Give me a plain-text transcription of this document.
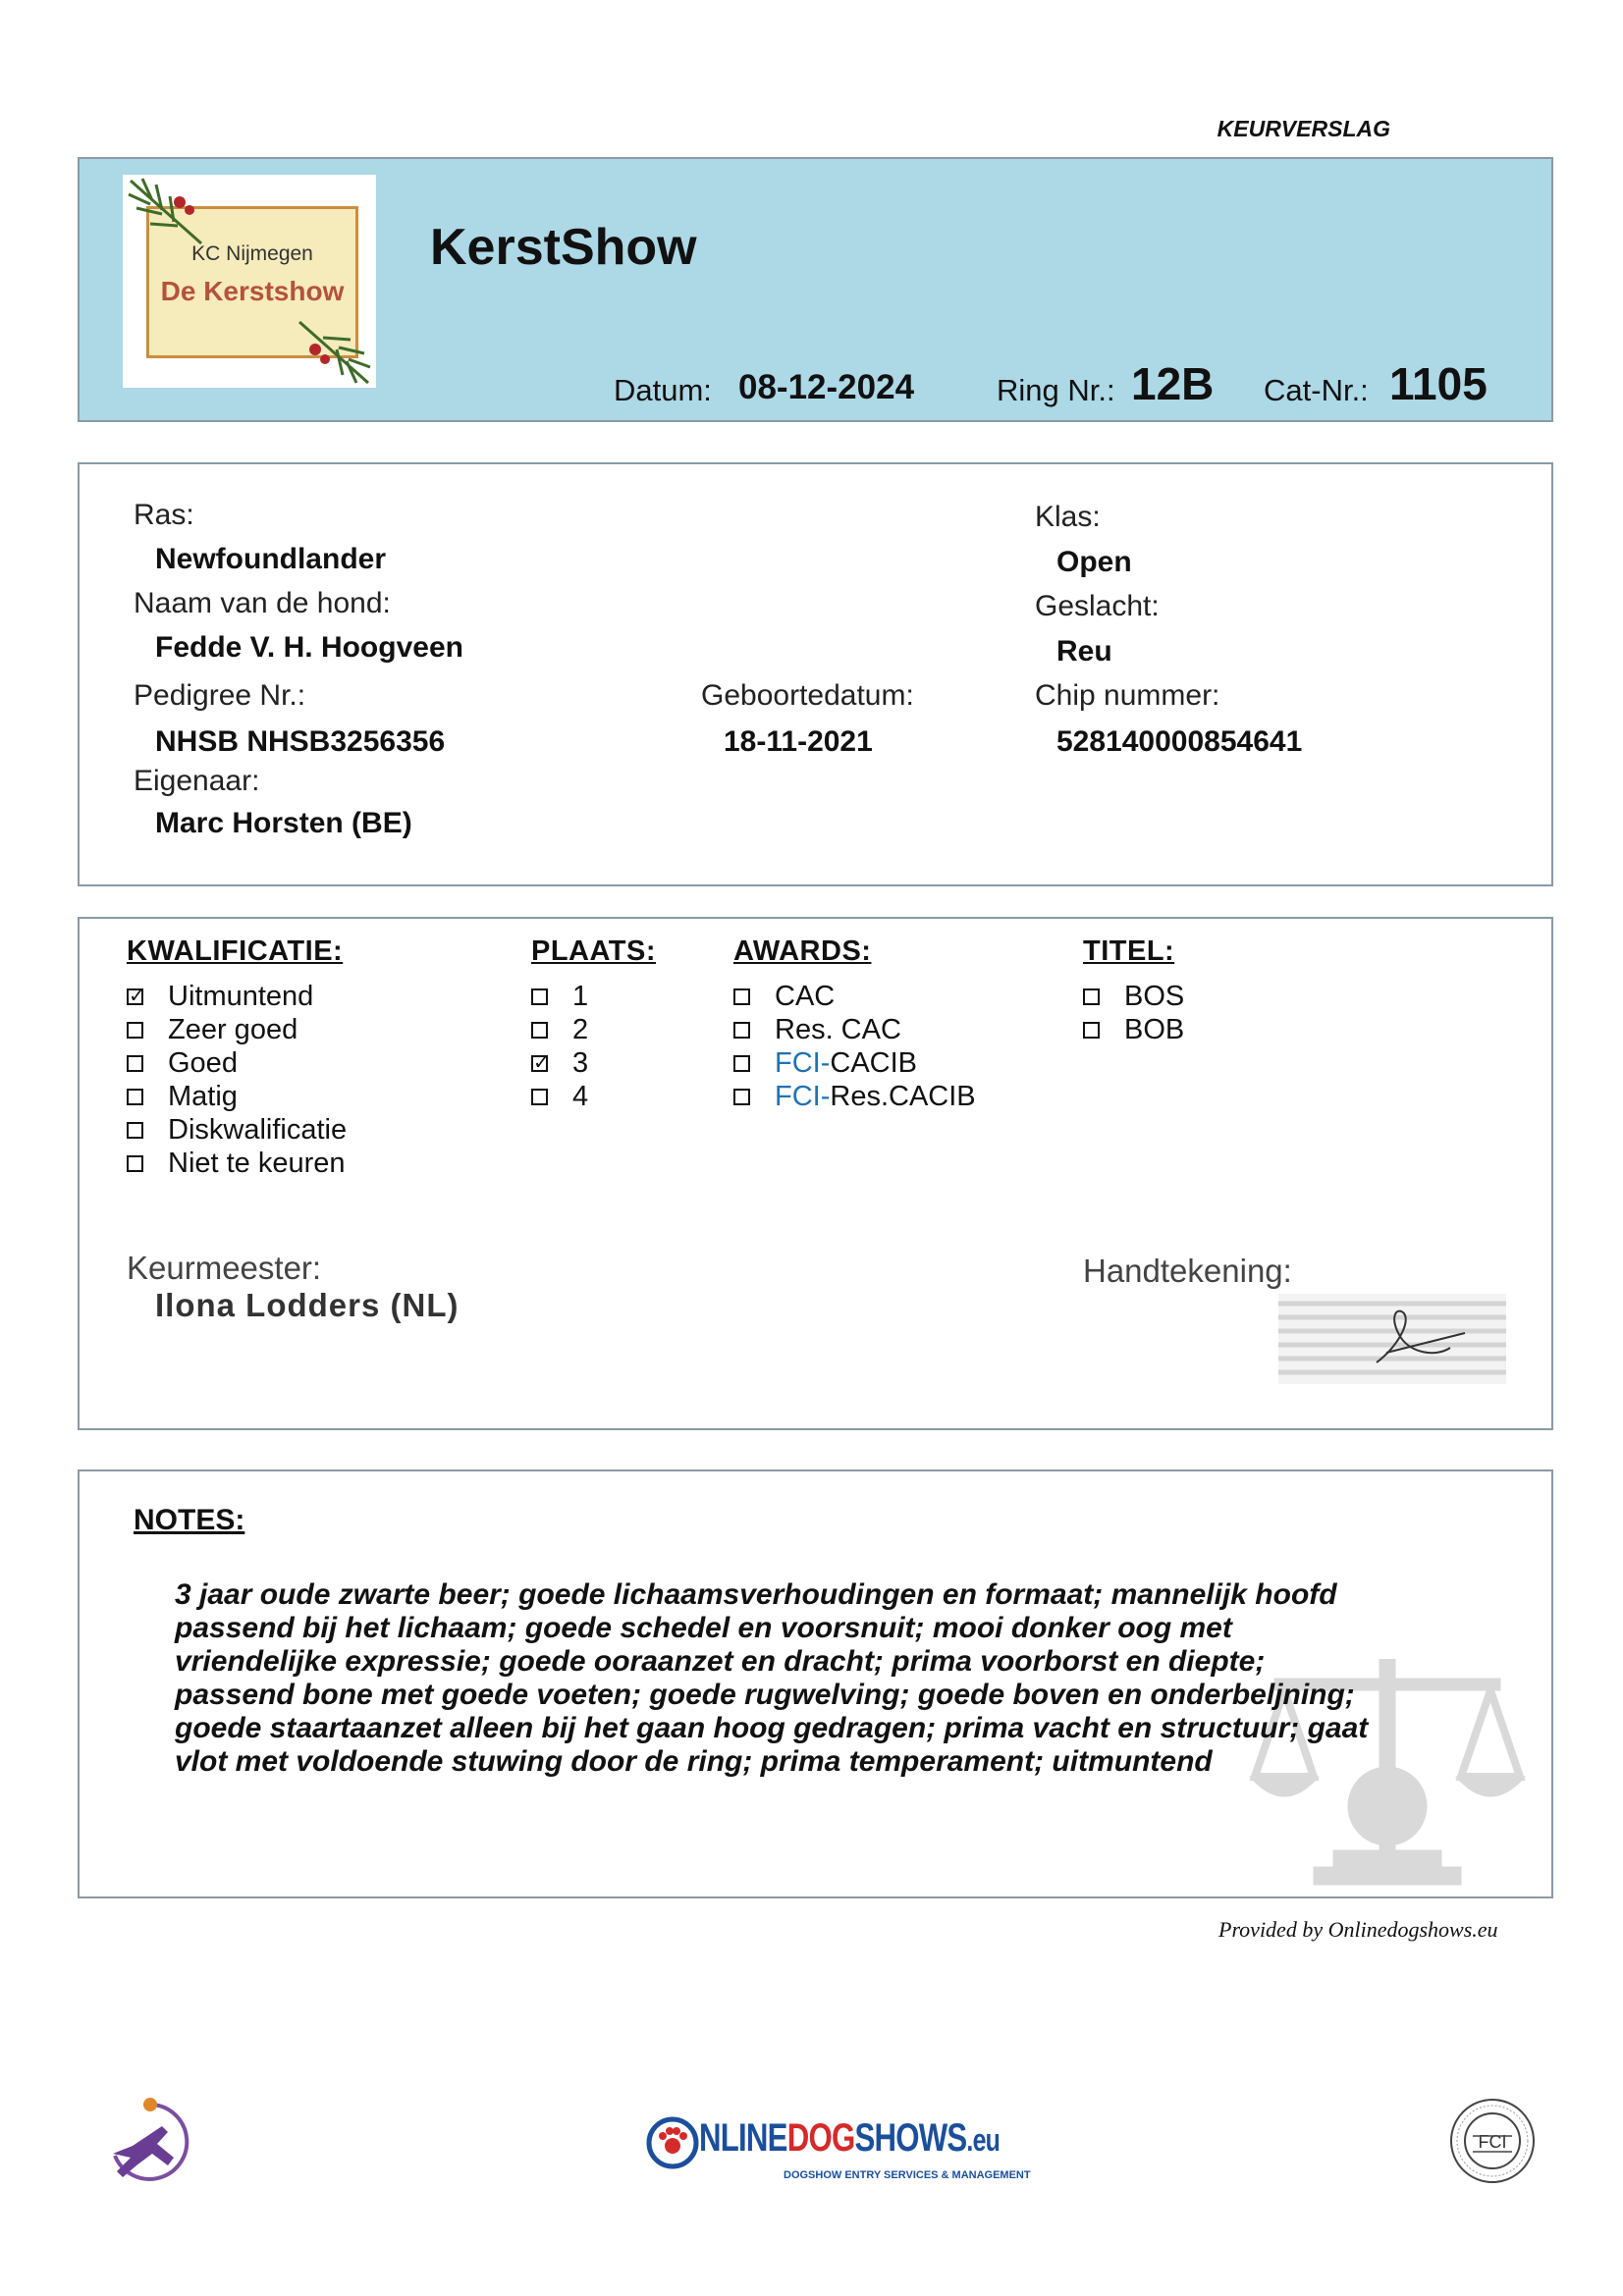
KEURVERSLAG
KC Nijmegen
De Kerstshow
KerstShow
Datum: 08-12-2024	Ring Nr.: 12B Cat-Nr.: 1105
Ras:
Newfoundlander
Naam van de hond:
Fedde V. H. Hoogveen
Pedigree Nr.:
NHSB NHSB3256356
Eigenaar:
Marc Horsten (BE)
Geboortedatum:
18-11-2021
Klas:
Open
Geslacht:
Reu
Chip nummer:
528140000854641
KWALIFICATIE:
✓ Uitmuntend
Zeer goed
Goed
Matig
Diskwalificatie
Niet te keuren
PLAATS:
1
2
✓ 3
4
AWARDS:
CAC
Res. CAC
FCI- CACIB
FCI- Res.CACIB
TITEL:
BOS
BOB
Keurmeester:
Ilona Lodders (NL)
Handtekening:
NOTES:
3 jaar oude zwarte beer; goede lichaamsverhoudingen en formaat; mannelijk hoofd
passend bij het lichaam; goede schedel en voorsnuit; mooi donker oog met
vriendelijke expressie; goede ooraanzet en dracht; prima voorborst en diepte;
passend bone met goede voeten; goede rugwelving; goede boven en onderbeljning;
goede staartaanzet alleen bij het gaan hoog gedragen; prima vacht en structuur; gaat
vlot met voldoende stuwing door de ring; prima temperament; uitmuntend
Provided by Onlinedogshows.eu
NLINEDOGSHOWS.eu
DOGSHOW ENTRY SERVICES & MANAGEMENT
FCI
